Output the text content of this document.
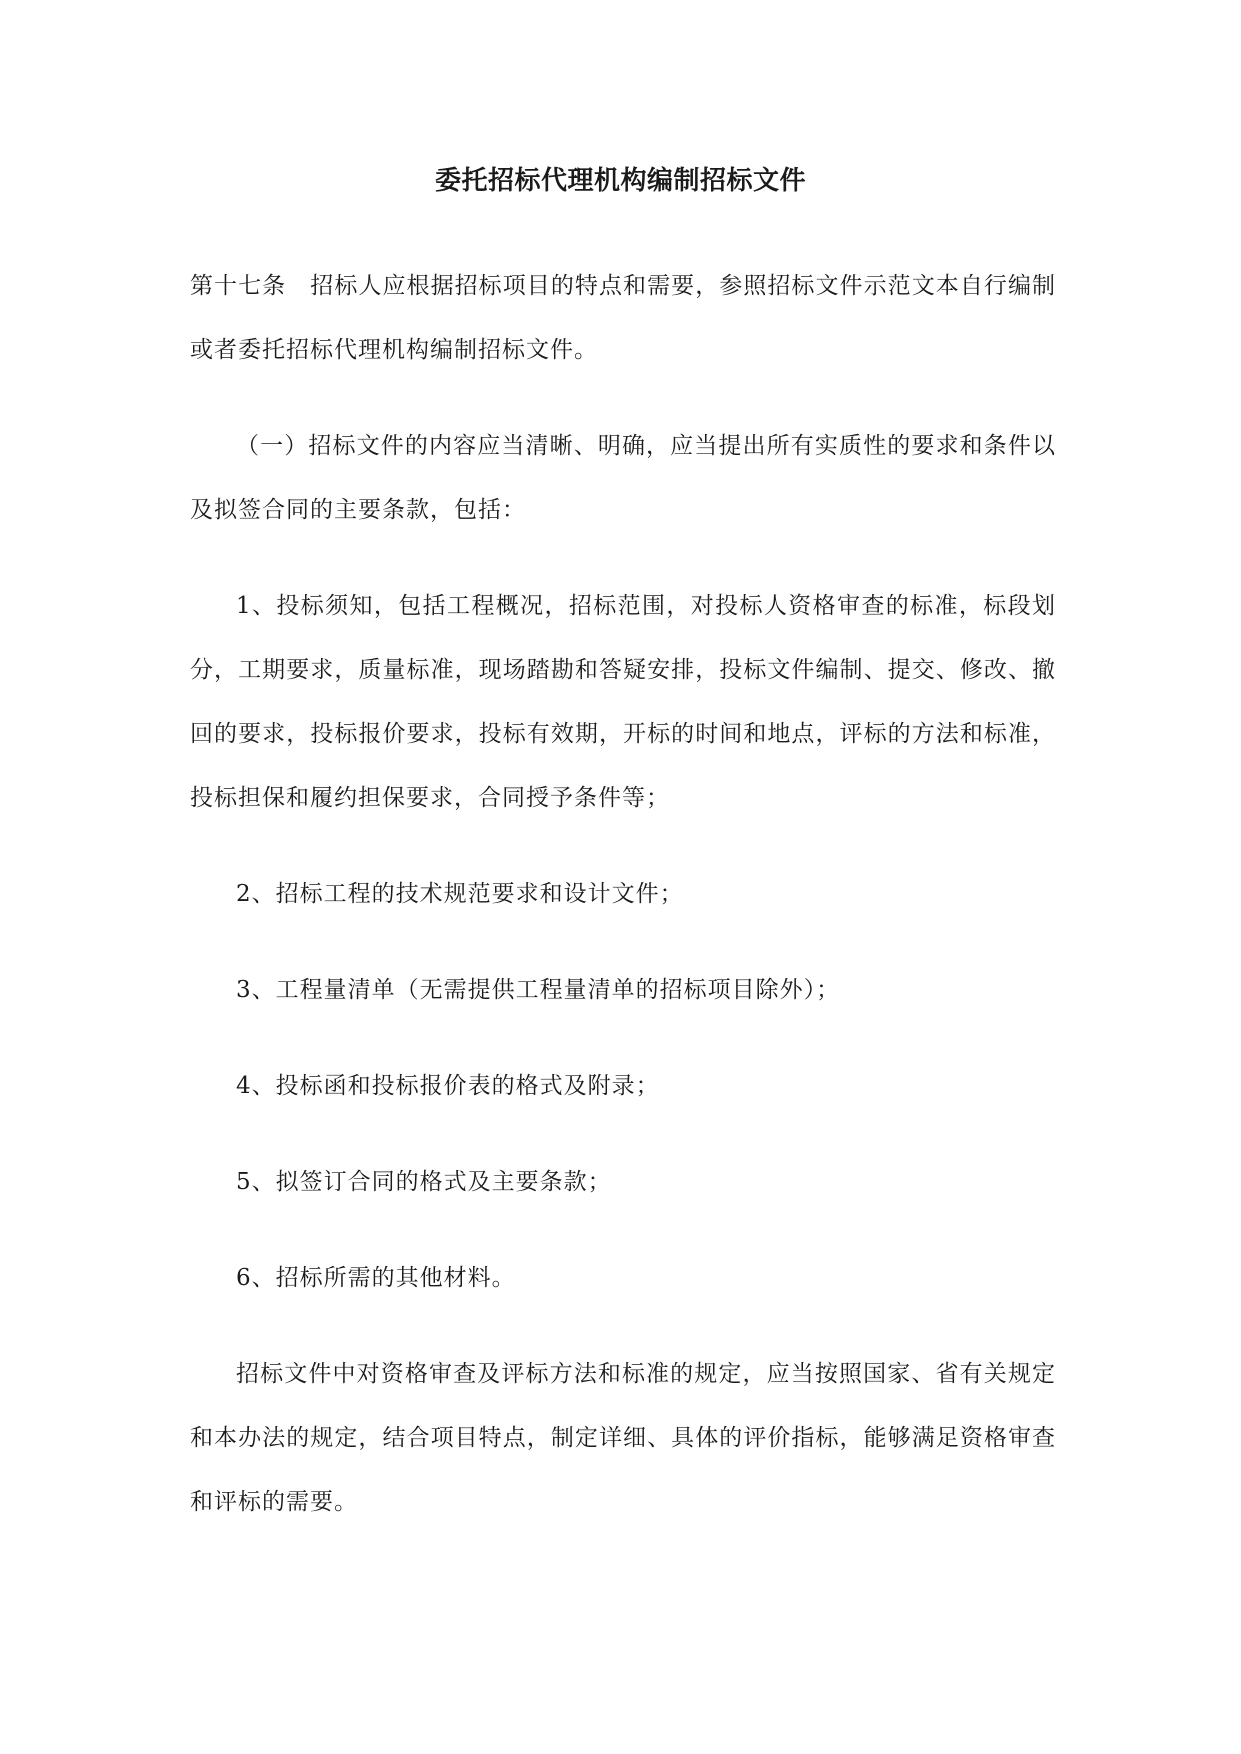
委托招标代理机构编制招标文件

第十七条　招标人应根据招标项目的特点和需要，参照招标文件示范文本自行编制或者委托招标代理机构编制招标文件。

（一）招标文件的内容应当清晰、明确，应当提出所有实质性的要求和条件以及拟签合同的主要条款，包括：

1、投标须知，包括工程概况，招标范围，对投标人资格审查的标准，标段划分，工期要求，质量标准，现场踏勘和答疑安排，投标文件编制、提交、修改、撤回的要求，投标报价要求，投标有效期，开标的时间和地点，评标的方法和标准，投标担保和履约担保要求，合同授予条件等；

2、招标工程的技术规范要求和设计文件；

3、工程量清单（无需提供工程量清单的招标项目除外）；

4、投标函和投标报价表的格式及附录；

5、拟签订合同的格式及主要条款；

6、招标所需的其他材料。

招标文件中对资格审查及评标方法和标准的规定，应当按照国家、省有关规定和本办法的规定，结合项目特点，制定详细、具体的评价指标，能够满足资格审查和评标的需要。
